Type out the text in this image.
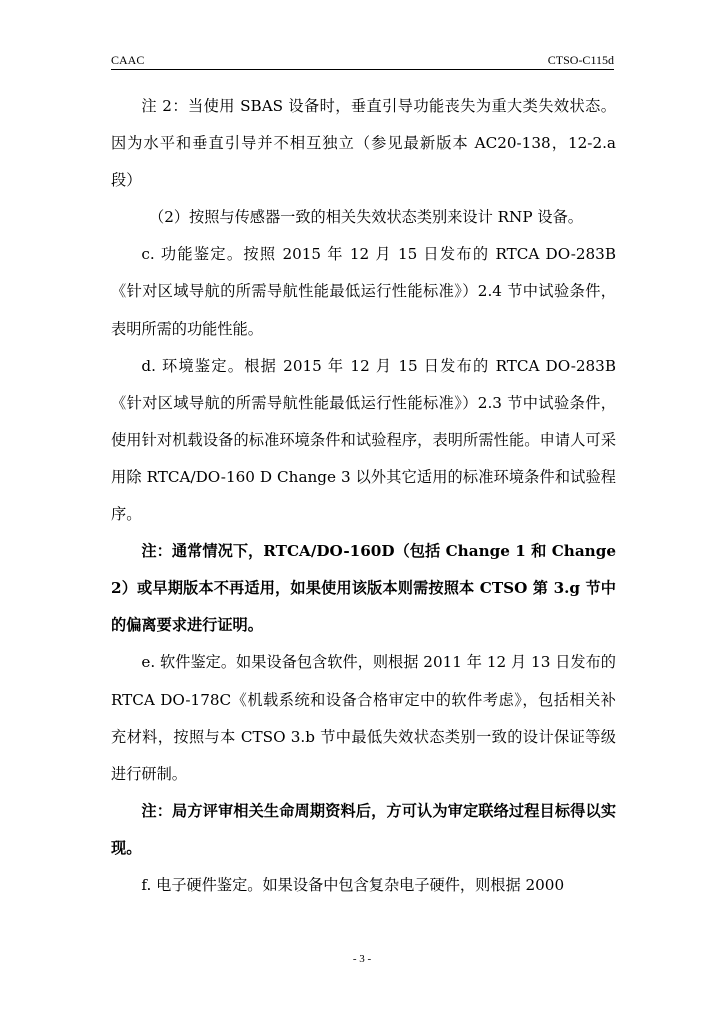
CAAC	CTSO-C115d

注 2：当使用 SBAS 设备时，垂直引导功能丧失为重大类失效状态。因为水平和垂直引导并不相互独立（参见最新版本 AC20-138，12-2.a 段）

（2）按照与传感器一致的相关失效状态类别来设计 RNP 设备。

c. 功能鉴定。按照 2015 年 12 月 15 日发布的 RTCA DO-283B《针对区域导航的所需导航性能最低运行性能标准》）2.4 节中试验条件，表明所需的功能性能。

d. 环境鉴定。根据 2015 年 12 月 15 日发布的 RTCA DO-283B《针对区域导航的所需导航性能最低运行性能标准》）2.3 节中试验条件，使用针对机载设备的标准环境条件和试验程序，表明所需性能。申请人可采用除 RTCA/DO-160 D Change 3 以外其它适用的标准环境条件和试验程序。

注：通常情况下，RTCA/DO-160D（包括 Change 1 和 Change 2）或早期版本不再适用，如果使用该版本则需按照本 CTSO 第 3.g 节中的偏离要求进行证明。

e. 软件鉴定。如果设备包含软件，则根据 2011 年 12 月 13 日发布的 RTCA DO-178C《机载系统和设备合格审定中的软件考虑》，包括相关补充材料，按照与本 CTSO 3.b 节中最低失效状态类别一致的设计保证等级进行研制。

注：局方评审相关生命周期资料后，方可认为审定联络过程目标得以实现。

f. 电子硬件鉴定。如果设备中包含复杂电子硬件，则根据 2000

- 3 -
